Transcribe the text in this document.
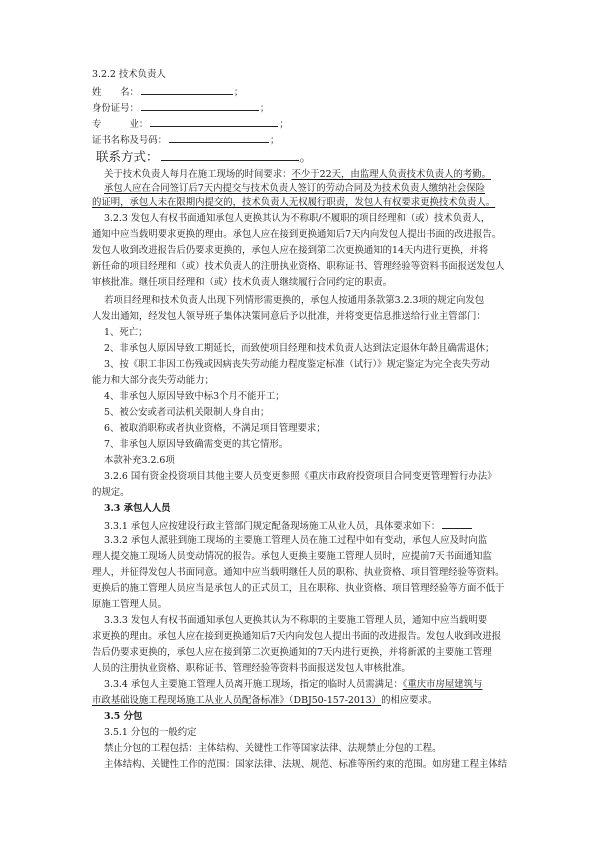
3.2.2 技术负责人
姓　　名：	；
身份证号：	；
专　　　业：	；
证书名称及号码：	；
联系方式：	。
关于技术负责人每月在施工现场的时间要求：不少于22天，由监理人负责技术负责人的考勤。
承包人应在合同签订后7天内提交与技术负责人签订的劳动合同及为技术负责人缴纳社会保险
的证明，承包人未在限期内提交的，技术负责人无权履行职责，发包人有权要求更换技术负责人。
3.2.3 发包人有权书面通知承包人更换其认为不称职/不履职的项目经理和（或）技术负责人，
通知中应当载明要求更换的理由。承包人应在接到更换通知后7天内向发包人提出书面的改进报告。
发包人收到改进报告后仍要求更换的，承包人应在接到第二次更换通知的14天内进行更换，并将
新任命的项目经理和（或）技术负责人的注册执业资格、职称证书、管理经验等资料书面报送发包人
审核批准。继任项目经理和（或）技术负责人继续履行合同约定的职责。
若项目经理和技术负责人出现下列情形需更换的，承包人按通用条款第3.2.3项的规定向发包
人发出通知，经发包人领导班子集体决策同意后予以批准，并将变更信息推送给行业主管部门：
1、死亡；
2、非承包人原因导致工期延长，而致使项目经理和技术负责人达到法定退休年龄且确需退休；
3、按《职工非因工伤残或因病丧失劳动能力程度鉴定标准（试行）》规定鉴定为完全丧失劳动
能力和大部分丧失劳动能力；
4、非承包人原因导致中标3个月不能开工；
5、被公安或者司法机关限制人身自由；
6、被取消职称或者执业资格，不满足项目管理要求；
7、非承包人原因导致确需变更的其它情形。
本款补充3.2.6项
3.2.6 国有资金投资项目其他主要人员变更参照《重庆市政府投资项目合同变更管理暂行办法》
的规定。
3.3 承包人人员
3.3.1 承包人应按建设行政主管部门规定配备现场施工从业人员，具体要求如下：
3.3.2 承包人派驻到施工现场的主要施工管理人员在施工过程中如有变动，承包人应及时向监
理人提交施工现场人员变动情况的报告。承包人更换主要施工管理人员时，应提前7天书面通知监
理人，并征得发包人书面同意。通知中应当载明继任人员的职称、执业资格、项目管理经验等资料。
更换后的施工管理人员应当是承包人的正式员工，且在职称、执业资格、项目管理经验等方面不低于
原施工管理人员。
3.3.3 发包人有权书面通知承包人更换其认为不称职的主要施工管理人员，通知中应当载明要
求更换的理由。承包人应在接到更换通知后7天内向发包人提出书面的改进报告。发包人收到改进报
告后仍要求更换的，承包人应在接到第二次更换通知的7天内进行更换，并将新派的主要施工管理
人员的注册执业资格、职称证书、管理经验等资料书面报送发包人审核批准。
3.3.4 承包人主要施工管理人员离开施工现场，指定的临时人员需满足：《重庆市房屋建筑与
市政基础设施工程现场施工从业人员配备标准》（DBJ50-157-2013）的相应要求。
3.5 分包
3.5.1 分包的一般约定
禁止分包的工程包括：主体结构、关键性工作等国家法律、法规禁止分包的工程。
主体结构、关键性工作的范围：国家法律、法规、规范、标准等所约束的范围。如房建工程主体结
